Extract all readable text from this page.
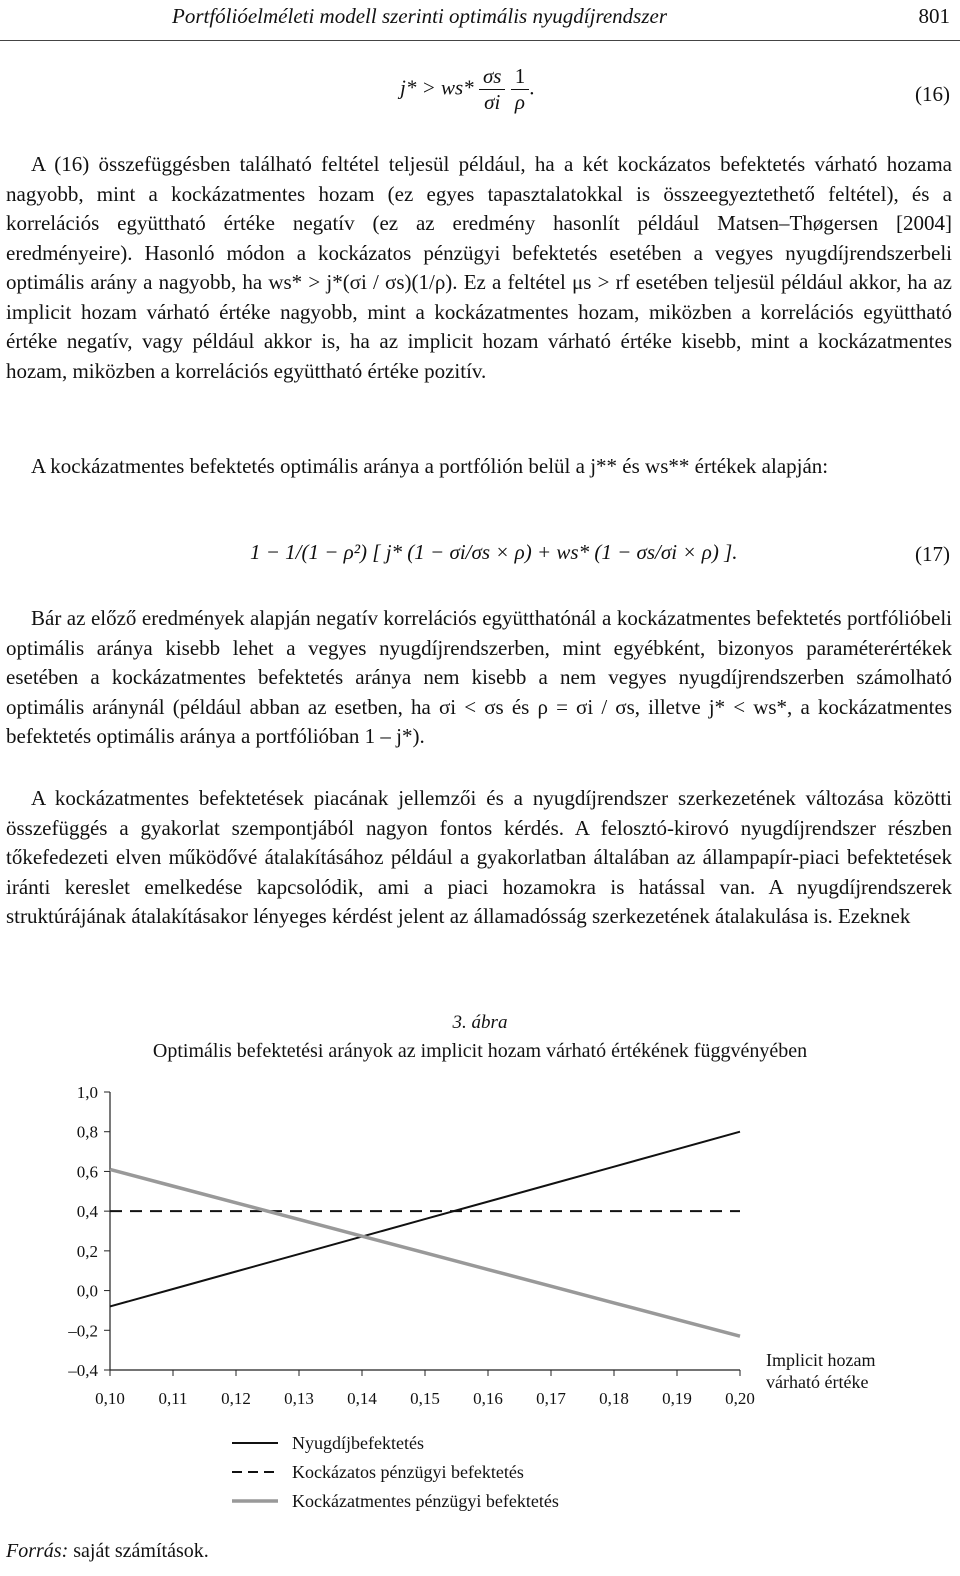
Portfólióelméleti modell szerinti optimális nyugdíjrendszer	801
$j* > ws* \frac{\sigma s}{\sigma i}$
$\frac{1}{\rho}$ .	(16)

A (16) összefüggésben található feltétel teljesül például, ha a két kockázatos befektetés várható hozama nagyobb, mint a kockázatmentes hozam (ez egyes tapasztalatokkal is összeegyeztethető feltétel), és a korrelációs együttható értéke negatív (ez az eredmény hasonlít például Matsen–Thøgersen [2004] eredményeire). Hasonló módon a kockázatos pénzügyi befektetés esetében a vegyes nyugdíjrendszerbeli optimális arány a nagyobb, ha ws* > j*(σi / σs)(1/ρ). Ez a feltétel μs > rf esetében teljesül például akkor, ha az implicit hozam várható értéke nagyobb, mint a kockázatmentes hozam, miközben a korrelációs együttható értéke negatív, vagy például akkor is, ha az implicit hozam várható értéke kisebb, mint a kockázatmentes hozam, miközben a korrelációs együttható értéke pozitív.

A kockázatmentes befektetés optimális aránya a portfólión belül a j** és ws** értékek alapján:

1 − 1/(1 − ρ²) [ j* (1 − σi/σs × ρ) + ws* (1 − σs/σi × ρ) ].	(17)

Bár az előző eredmények alapján negatív korrelációs együtthatónál a kockázatmentes befektetés portfólióbeli optimális aránya kisebb lehet a vegyes nyugdíjrendszerben, mint egyébként, bizonyos paraméterértékek esetében a kockázatmentes befektetés aránya nem kisebb a nem vegyes nyugdíjrendszerben számolható optimális aránynál (például abban az esetben, ha σi < σs és ρ = σi / σs, illetve j* < ws*, a kockázatmentes befektetés optimális aránya a portfólióban 1 – j*).

A kockázatmentes befektetések piacának jellemzői és a nyugdíjrendszer szerkezetének változása közötti összefüggés a gyakorlat szempontjából nagyon fontos kérdés. A felosztó-kirovó nyugdíjrendszer részben tőkefedezeti elven működővé átalakításához például a gyakorlatban általában az állampapír-piaci befektetések iránti kereslet emelkedése kapcsolódik, ami a piaci hozamokra is hatással van. A nyugdíjrendszerek struktúrájának átalakításakor lényeges kérdést jelent az államadósság szerkezetének átalakulása is. Ezeknek

3. ábra
Optimális befektetési arányok az implicit hozam várható értékének függvényében
1,0
0,8
0,6
0,4
0,2
0,0
–0,2
–0,4
0,10 0,11 0,12 0,13 0,14 0,15 0,16 0,17 0,18 0,19 0,20
Implicit hozam
várható értéke
Nyugdíjbefektetés
Kockázatos pénzügyi befektetés
Kockázatmentes pénzügyi befektetés
Forrás: saját számítások.
